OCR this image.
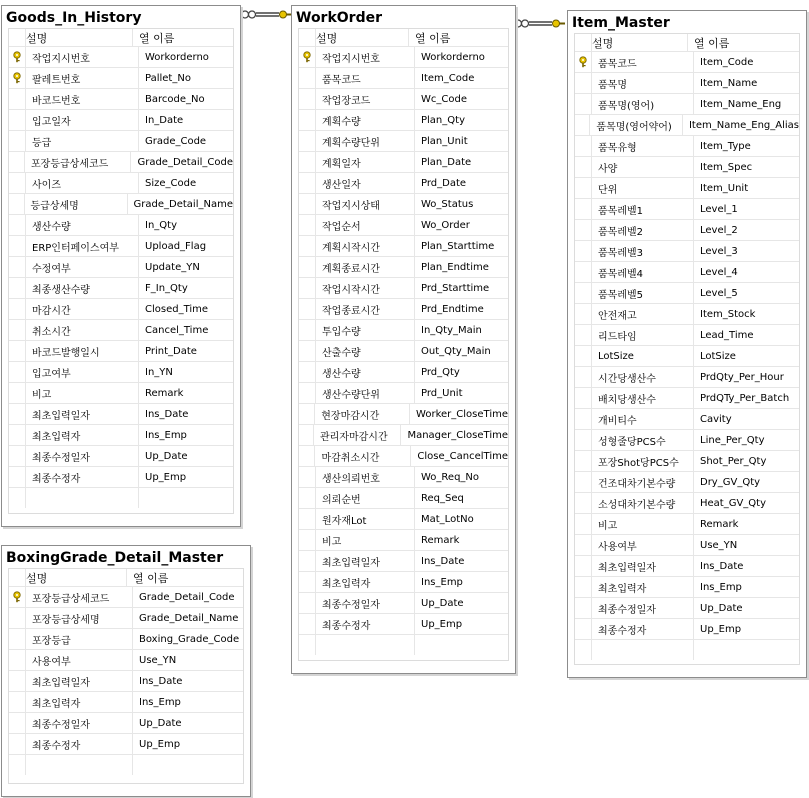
Goods_In_History
설명	열 이름
작업지시번호	Workorderno
팔레트번호	Pallet_No
바코드번호	Barcode_No
입고일자	In_Date
등급	Grade_Code
포장등급상세코드	Grade_Detail_Code
사이즈	Size_Code
등급상세명	Grade_Detail_Name
생산수량	In_Qty
ERP인터페이스여부	Upload_Flag
수정여부	Update_YN
최종생산수량	F_In_Qty
마감시간	Closed_Time
취소시간	Cancel_Time
바코드발행일시	Print_Date
입고여부	In_YN
비고	Remark
최초입력일자	Ins_Date
최초입력자	Ins_Emp
최종수정일자	Up_Date
최종수정자	Up_Emp
WorkOrder
설명	열 이름
작업지시번호	Workorderno
품목코드	Item_Code
작업장코드	Wc_Code
계획수량	Plan_Qty
계획수량단위	Plan_Unit
계획일자	Plan_Date
생산일자	Prd_Date
작업지시상태	Wo_Status
작업순서	Wo_Order
계획시작시간	Plan_Starttime
계획종료시간	Plan_Endtime
작업시작시간	Prd_Starttime
작업종료시간	Prd_Endtime
투입수량	In_Qty_Main
산출수량	Out_Qty_Main
생산수량	Prd_Qty
생산수량단위	Prd_Unit
현장마감시간	Worker_CloseTime
관리자마감시간	Manager_CloseTime
마감취소시간	Close_CancelTime
생산의뢰번호	Wo_Req_No
의뢰순번	Req_Seq
원자재Lot	Mat_LotNo
비고	Remark
최초입력일자	Ins_Date
최초입력자	Ins_Emp
최종수정일자	Up_Date
최종수정자	Up_Emp
Item_Master
설명	열 이름
품목코드	Item_Code
품목명	Item_Name
품목명(영어)	Item_Name_Eng
품목명(영어약어)	Item_Name_Eng_Alias
품목유형	Item_Type
사양	Item_Spec
단위	Item_Unit
품목레벨1	Level_1
품목레벨2	Level_2
품목레벨3	Level_3
품목레벨4	Level_4
품목레벨5	Level_5
안전재고	Item_Stock
리드타임	Lead_Time
LotSize	LotSize
시간당생산수	PrdQty_Per_Hour
배치당생산수	PrdQTy_Per_Batch
개비티수	Cavity
성형줄당PCS수	Line_Per_Qty
포장Shot당PCS수	Shot_Per_Qty
건조대차기본수량	Dry_GV_Qty
소성대차기본수량	Heat_GV_Qty
비고	Remark
사용여부	Use_YN
최초입력일자	Ins_Date
최초입력자	Ins_Emp
최종수정일자	Up_Date
최종수정자	Up_Emp
BoxingGrade_Detail_Master
설명	열 이름
포장등급상세코드	Grade_Detail_Code
포장등급상세명	Grade_Detail_Name
포장등급	Boxing_Grade_Code
사용여부	Use_YN
최초입력일자	Ins_Date
최초입력자	Ins_Emp
최종수정일자	Up_Date
최종수정자	Up_Emp
